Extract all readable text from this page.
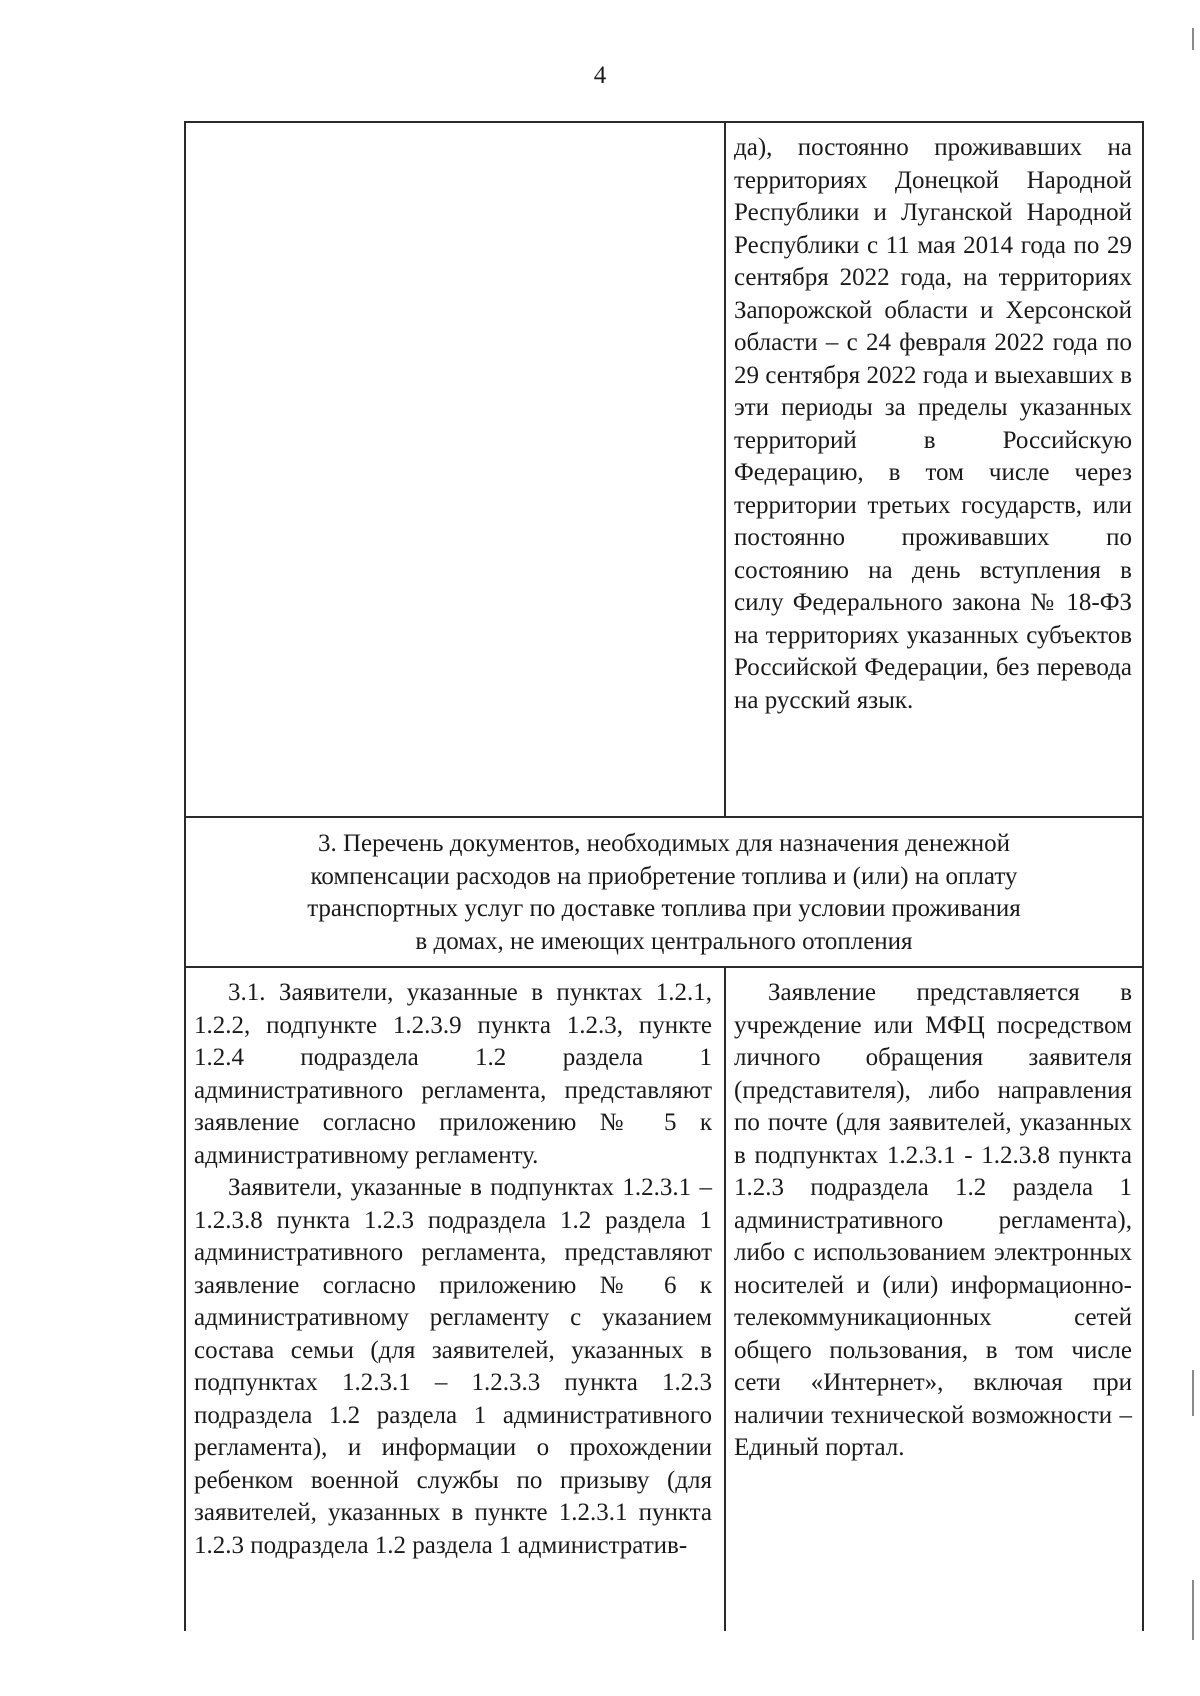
4
да), постоянно проживавших на территориях Донецкой Народной Республики и Луганской Народной Республики с 11 мая 2014 года по 29 сентября 2022 года, на территориях Запорожской области и Херсонской области – с 24 февраля 2022 года по 29 сентября 2022 года и выехавших в эти периоды за пределы указанных территорий в Российскую Федерацию, в том числе через территории третьих государств, или постоянно проживавших по состоянию на день вступления в силу Федерального закона № 18-ФЗ на территориях указанных субъектов Российской Федерации, без перевода на русский язык.
3. Перечень документов, необходимых для назначения денежной
компенсации расходов на приобретение топлива и (или) на оплату
транспортных услуг по доставке топлива при условии проживания
в домах, не имеющих центрального отопления
3.1. Заявители, указанные в пунктах 1.2.1, 1.2.2, подпункте 1.2.3.9 пункта 1.2.3, пункте 1.2.4 подраздела 1.2 раздела 1 административного регламента, представляют заявление согласно приложению № 5 к административному регламенту.
Заявители, указанные в подпунктах 1.2.3.1 – 1.2.3.8 пункта 1.2.3 подраздела 1.2 раздела 1 административного регламента, представляют заявление согласно приложению № 6 к административному регламенту с указанием состава семьи (для заявителей, указанных в подпунктах 1.2.3.1 – 1.2.3.3 пункта 1.2.3 подраздела 1.2 раздела 1 административного регламента), и информации о прохождении ребенком военной службы по призыву (для заявителей, указанных в пункте 1.2.3.1 пункта 1.2.3 подраздела 1.2 раздела 1 административ-
Заявление представляется в учреждение или МФЦ посредством личного обращения заявителя (представителя), либо направления по почте (для заявителей, указанных в подпунктах 1.2.3.1 - 1.2.3.8 пункта 1.2.3 подраздела 1.2 раздела 1 административного регламента), либо с использованием электронных носителей и (или) информационно-телекоммуникационных сетей общего пользования, в том числе сети «Интернет», включая при наличии технической возможности – Единый портал.
